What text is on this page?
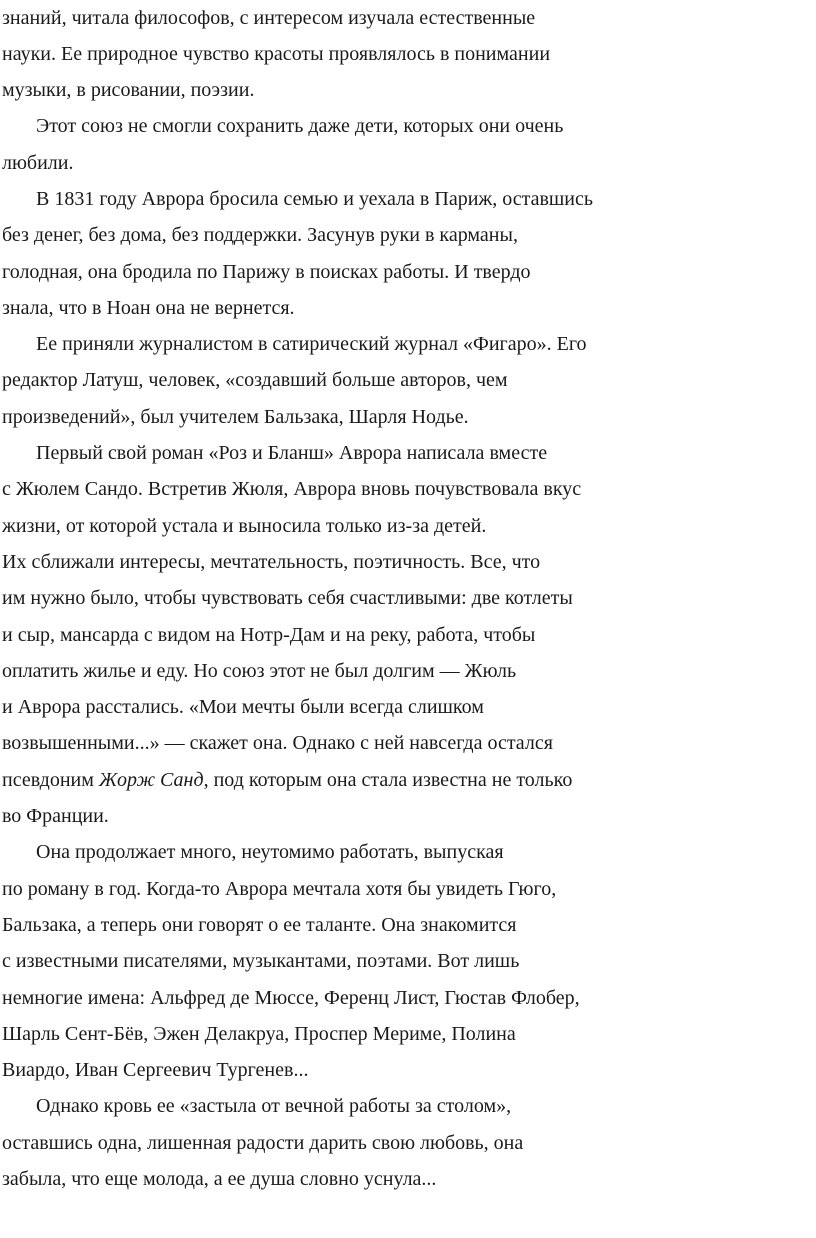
знаний, читала философов, с интересом изучала естественные
науки. Ее природное чувство красоты проявлялось в понимании
музыки, в рисовании, поэзии.
Этот союз не смогли сохранить даже дети, которых они очень
любили.
В 1831 году Аврора бросила семью и уехала в Париж, оставшись
без денег, без дома, без поддержки. Засунув руки в карманы,
голодная, она бродила по Парижу в поисках работы. И твердо
знала, что в Ноан она не вернется.
Ее приняли журналистом в сатирический журнал «Фигаро». Его
редактор Латуш, человек, «создавший больше авторов, чем
произведений», был учителем Бальзака, Шарля Нодье.
Первый свой роман «Роз и Бланш» Аврора написала вместе
с Жюлем Сандо. Встретив Жюля, Аврора вновь почувствовала вкус
жизни, от которой устала и выносила только из-за детей.
Их сближали интересы, мечтательность, поэтичность. Все, что
им нужно было, чтобы чувствовать себя счастливыми: две котлеты
и сыр, мансарда с видом на Нотр-Дам и на реку, работа, чтобы
оплатить жилье и еду. Но союз этот не был долгим — Жюль
и Аврора расстались. «Мои мечты были всегда слишком
возвышенными...» — скажет она. Однако с ней навсегда остался
псевдоним Жорж Санд, под которым она стала известна не только
во Франции.
Она продолжает много, неутомимо работать, выпуская
по роману в год. Когда-то Аврора мечтала хотя бы увидеть Гюго,
Бальзака, а теперь они говорят о ее таланте. Она знакомится
с известными писателями, музыкантами, поэтами. Вот лишь
немногие имена: Альфред де Мюссе, Ференц Лист, Гюстав Флобер,
Шарль Сент-Бёв, Эжен Делакруа, Проспер Мериме, Полина
Виардо, Иван Сергеевич Тургенев...
Однако кровь ее «застыла от вечной работы за столом»,
оставшись одна, лишенная радости дарить свою любовь, она
забыла, что еще молода, а ее душа словно уснула...
